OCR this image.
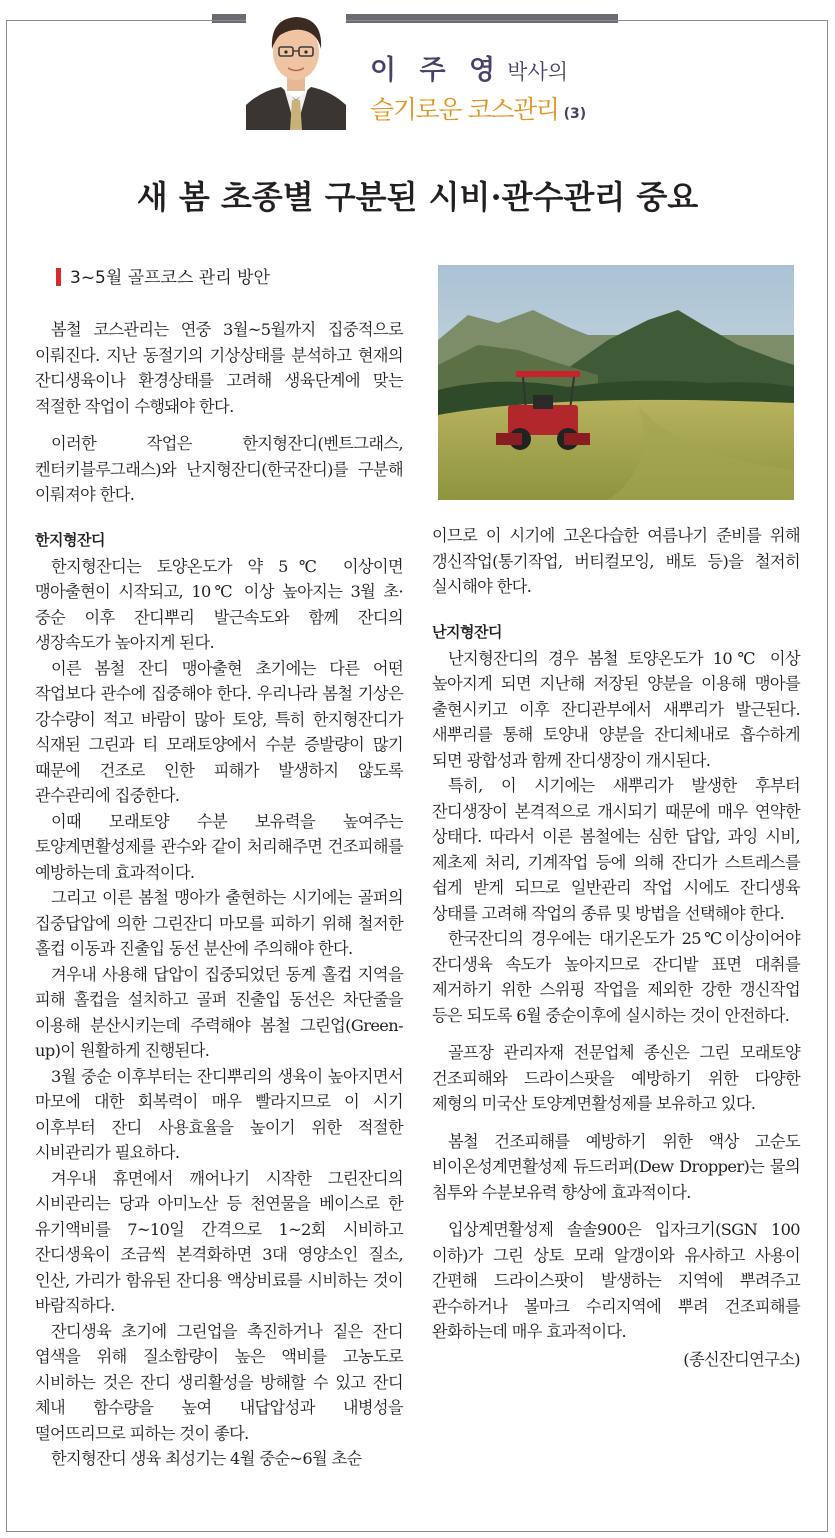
이 주 영 박사의
슬기로운 코스관리 (3)
새 봄 초종별 구분된 시비·관수관리 중요
3~5월 골프코스 관리 방안

봄철 코스관리는 연중 3월~5월까지 집중적으로 이뤄진다. 지난 동절기의 기상상태를 분석하고 현재의 잔디생육이나 환경상태를 고려해 생육단계에 맞는 적절한 작업이 수행돼야 한다.

이러한 작업은 한지형잔디(벤트그래스, 켄터키블루그래스)와 난지형잔디(한국잔디)를 구분해 이뤄져야 한다.

한지형잔디

한지형잔디는 토양온도가 약 5℃ 이상이면 맹아출현이 시작되고, 10℃ 이상 높아지는 3월 초·중순 이후 잔디뿌리 발근속도와 함께 잔디의 생장속도가 높아지게 된다.

이른 봄철 잔디 맹아출현 초기에는 다른 어떤 작업보다 관수에 집중해야 한다. 우리나라 봄철 기상은 강수량이 적고 바람이 많아 토양, 특히 한지형잔디가 식재된 그린과 티 모래토양에서 수분 증발량이 많기 때문에 건조로 인한 피해가 발생하지 않도록 관수관리에 집중한다.

이때 모래토양 수분 보유력을 높여주는 토양계면활성제를 관수와 같이 처리해주면 건조피해를 예방하는데 효과적이다.

그리고 이른 봄철 맹아가 출현하는 시기에는 골퍼의 집중답압에 의한 그린잔디 마모를 피하기 위해 철저한 홀컵 이동과 진출입 동선 분산에 주의해야 한다.

겨우내 사용해 답압이 집중되었던 동계 홀컵 지역을 피해 홀컵을 설치하고 골퍼 진출입 동선은 차단줄을 이용해 분산시키는데 주력해야 봄철 그린업(Green-up)이 원활하게 진행된다.

3월 중순 이후부터는 잔디뿌리의 생육이 높아지면서 마모에 대한 회복력이 매우 빨라지므로 이 시기 이후부터 잔디 사용효율을 높이기 위한 적절한 시비관리가 필요하다.

겨우내 휴면에서 깨어나기 시작한 그린잔디의 시비관리는 당과 아미노산 등 천연물을 베이스로 한 유기액비를 7~10일 간격으로 1~2회 시비하고 잔디생육이 조금씩 본격화하면 3대 영양소인 질소, 인산, 가리가 함유된 잔디용 액상비료를 시비하는 것이 바람직하다.

잔디생육 초기에 그린업을 촉진하거나 짙은 잔디 엽색을 위해 질소함량이 높은 액비를 고농도로 시비하는 것은 잔디 생리활성을 방해할 수 있고 잔디 체내 함수량을 높여 내답압성과 내병성을 떨어뜨리므로 피하는 것이 좋다.

한지형잔디 생육 최성기는 4월 중순~6월 초순

이므로 이 시기에 고온다습한 여름나기 준비를 위해 갱신작업(통기작업, 버티컬모잉, 배토 등)을 철저히 실시해야 한다.

난지형잔디

난지형잔디의 경우 봄철 토양온도가 10℃ 이상 높아지게 되면 지난해 저장된 양분을 이용해 맹아를 출현시키고 이후 잔디관부에서 새뿌리가 발근된다. 새뿌리를 통해 토양내 양분을 잔디체내로 흡수하게 되면 광합성과 함께 잔디생장이 개시된다.

특히, 이 시기에는 새뿌리가 발생한 후부터 잔디생장이 본격적으로 개시되기 때문에 매우 연약한 상태다. 따라서 이른 봄철에는 심한 답압, 과잉 시비, 제초제 처리, 기계작업 등에 의해 잔디가 스트레스를 쉽게 받게 되므로 일반관리 작업 시에도 잔디생육 상태를 고려해 작업의 종류 및 방법을 선택해야 한다.

한국잔디의 경우에는 대기온도가 25℃이상이어야 잔디생육 속도가 높아지므로 잔디밭 표면 대취를 제거하기 위한 스위핑 작업을 제외한 강한 갱신작업 등은 되도록 6월 중순이후에 실시하는 것이 안전하다.

골프장 관리자재 전문업체 종신은 그린 모래토양 건조피해와 드라이스팟을 예방하기 위한 다양한 제형의 미국산 토양계면활성제를 보유하고 있다.

봄철 건조피해를 예방하기 위한 액상 고순도 비이온성계면활성제 듀드러퍼(Dew Dropper)는 물의 침투와 수분보유력 향상에 효과적이다.

입상계면활성제 솔솔900은 입자크기(SGN 100 이하)가 그린 상토 모래 알갱이와 유사하고 사용이 간편해 드라이스팟이 발생하는 지역에 뿌려주고 관수하거나 볼마크 수리지역에 뿌려 건조피해를 완화하는데 매우 효과적이다.

(종신잔디연구소)
